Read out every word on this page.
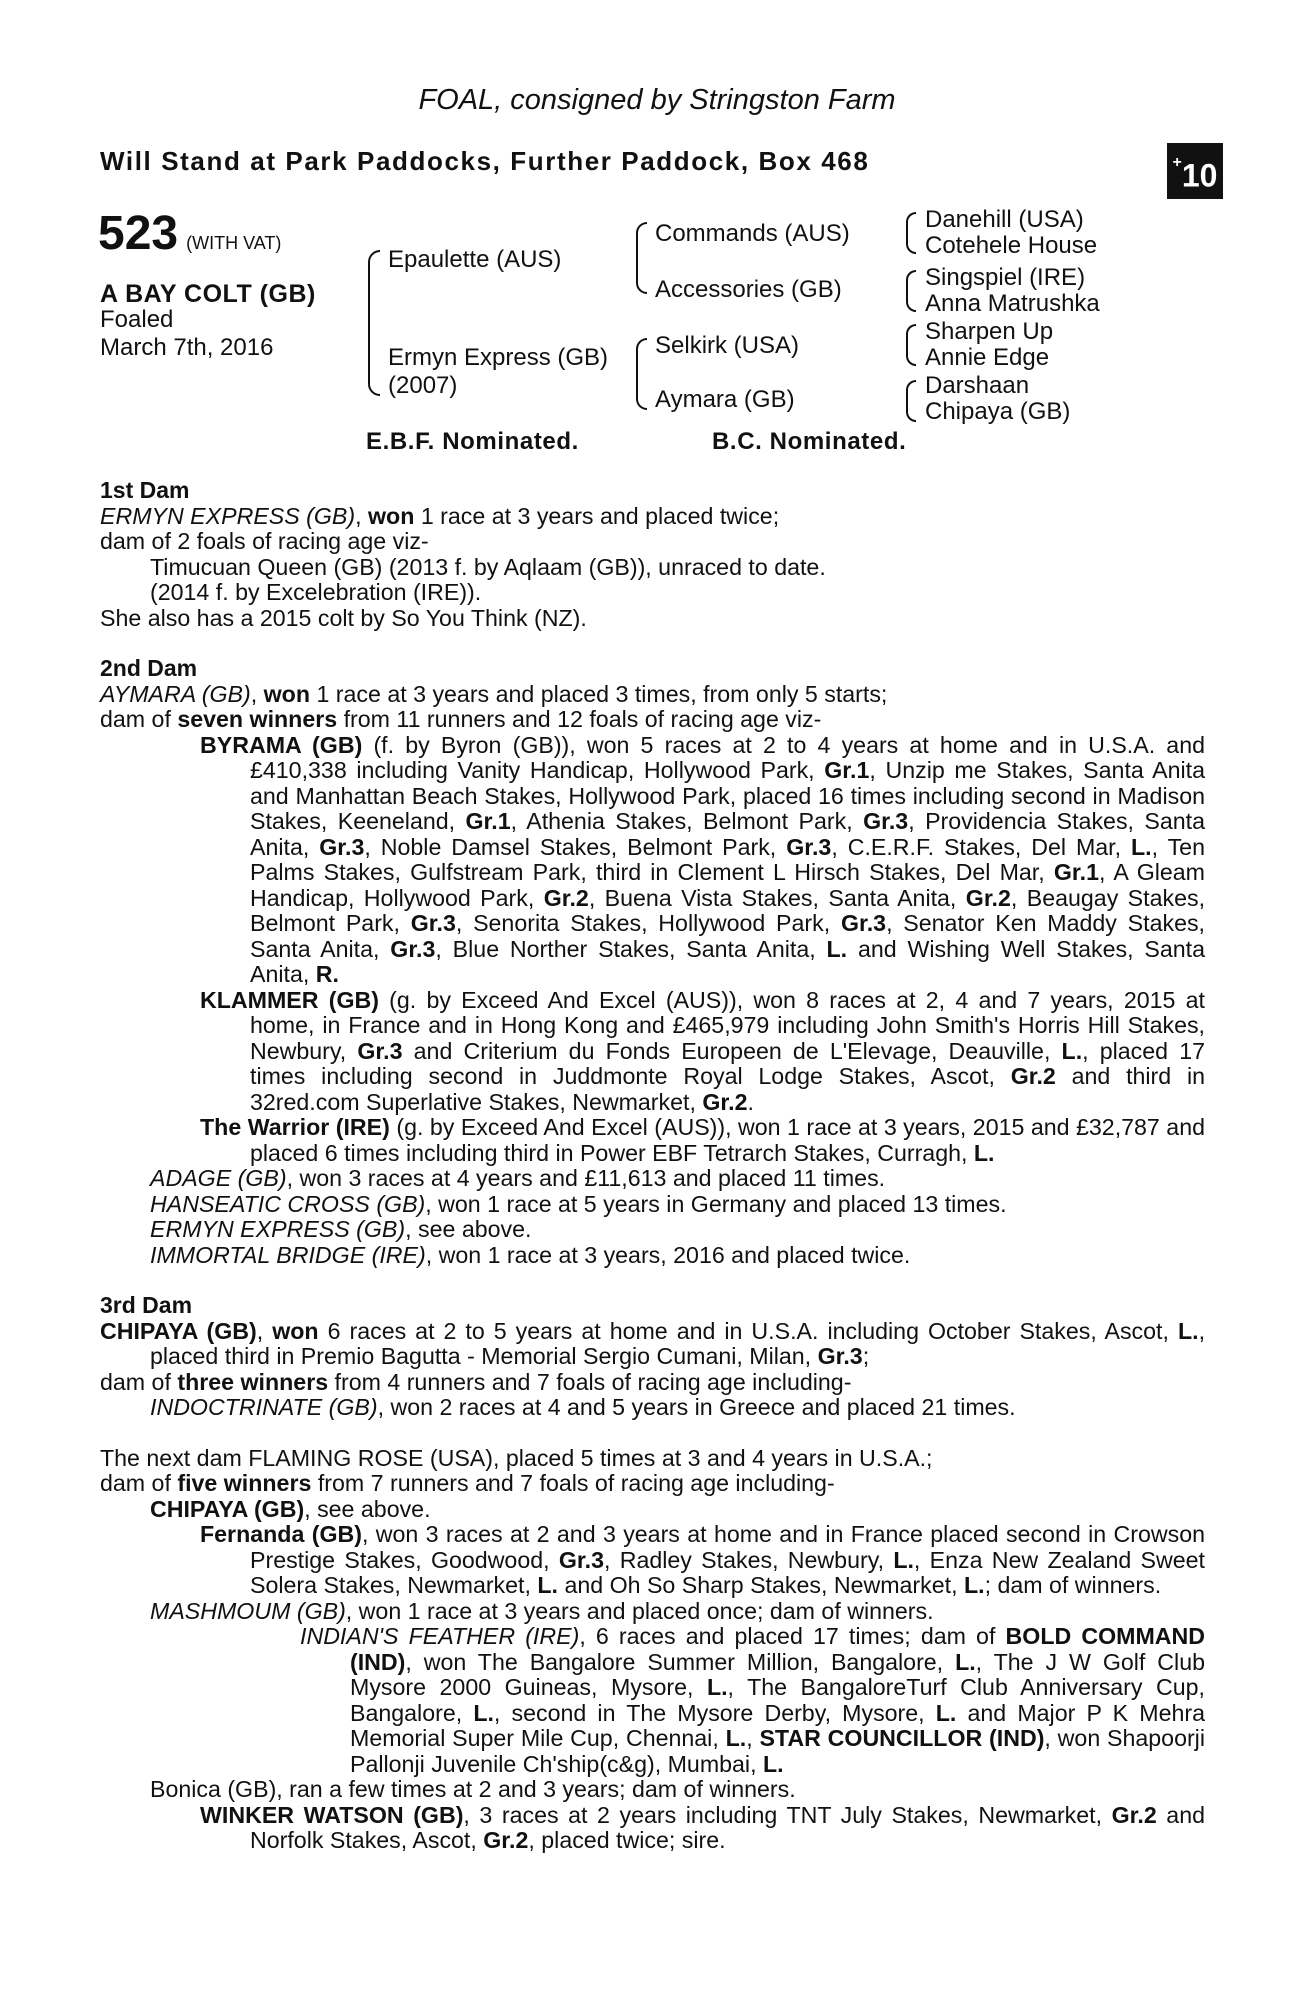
FOAL, consigned by Stringston Farm
Will Stand at Park Paddocks, Further Paddock, Box 468	+10
523 (WITH VAT)
A BAY COLT (GB)
Foaled
March 7th, 2016
Epaulette (AUS)
Ermyn Express (GB)
(2007)
Commands (AUS)
Accessories (GB)
Selkirk (USA)
Aymara (GB)
Danehill (USA)
Cotehele House
Singspiel (IRE)
Anna Matrushka
Sharpen Up
Annie Edge
Darshaan
Chipaya (GB)
E.B.F. Nominated.	B.C. Nominated.

1st Dam

ERMYN EXPRESS (GB), won 1 race at 3 years and placed twice;

dam of 2 foals of racing age viz-

Timucuan Queen (GB) (2013 f. by Aqlaam (GB)), unraced to date.

(2014 f. by Excelebration (IRE)).

She also has a 2015 colt by So You Think (NZ).

2nd Dam

AYMARA (GB), won 1 race at 3 years and placed 3 times, from only 5 starts;

dam of seven winners from 11 runners and 12 foals of racing age viz-

BYRAMA (GB) (f. by Byron (GB)), won 5 races at 2 to 4 years at home and in U.S.A. and £410,338 including Vanity Handicap, Hollywood Park, Gr.1, Unzip me Stakes, Santa Anita and Manhattan Beach Stakes, Hollywood Park, placed 16 times including second in Madison Stakes, Keeneland, Gr.1, Athenia Stakes, Belmont Park, Gr.3, Providencia Stakes, Santa Anita, Gr.3, Noble Damsel Stakes, Belmont Park, Gr.3, C.E.R.F. Stakes, Del Mar, L., Ten Palms Stakes, Gulfstream Park, third in Clement L Hirsch Stakes, Del Mar, Gr.1, A Gleam Handicap, Hollywood Park, Gr.2, Buena Vista Stakes, Santa Anita, Gr.2, Beaugay Stakes, Belmont Park, Gr.3, Senorita Stakes, Hollywood Park, Gr.3, Senator Ken Maddy Stakes, Santa Anita, Gr.3, Blue Norther Stakes, Santa Anita, L. and Wishing Well Stakes, Santa Anita, R.

KLAMMER (GB) (g. by Exceed And Excel (AUS)), won 8 races at 2, 4 and 7 years, 2015 at home, in France and in Hong Kong and £465,979 including John Smith's Horris Hill Stakes, Newbury, Gr.3 and Criterium du Fonds Europeen de L'Elevage, Deauville, L., placed 17 times including second in Juddmonte Royal Lodge Stakes, Ascot, Gr.2 and third in 32red.com Superlative Stakes, Newmarket, Gr.2.

The Warrior (IRE) (g. by Exceed And Excel (AUS)), won 1 race at 3 years, 2015 and £32,787 and placed 6 times including third in Power EBF Tetrarch Stakes, Curragh, L.

ADAGE (GB), won 3 races at 4 years and £11,613 and placed 11 times.

HANSEATIC CROSS (GB), won 1 race at 5 years in Germany and placed 13 times.

ERMYN EXPRESS (GB), see above.

IMMORTAL BRIDGE (IRE), won 1 race at 3 years, 2016 and placed twice.

3rd Dam

CHIPAYA (GB), won 6 races at 2 to 5 years at home and in U.S.A. including October Stakes, Ascot, L., placed third in Premio Bagutta - Memorial Sergio Cumani, Milan, Gr.3;

dam of three winners from 4 runners and 7 foals of racing age including-

INDOCTRINATE (GB), won 2 races at 4 and 5 years in Greece and placed 21 times.

The next dam FLAMING ROSE (USA), placed 5 times at 3 and 4 years in U.S.A.;

dam of five winners from 7 runners and 7 foals of racing age including-

CHIPAYA (GB), see above.

Fernanda (GB), won 3 races at 2 and 3 years at home and in France placed second in Crowson Prestige Stakes, Goodwood, Gr.3, Radley Stakes, Newbury, L., Enza New Zealand Sweet Solera Stakes, Newmarket, L. and Oh So Sharp Stakes, Newmarket, L.; dam of winners.

MASHMOUM (GB), won 1 race at 3 years and placed once; dam of winners.

INDIAN'S FEATHER (IRE), 6 races and placed 17 times; dam of BOLD COMMAND (IND), won The Bangalore Summer Million, Bangalore, L., The J W Golf Club Mysore 2000 Guineas, Mysore, L., The BangaloreTurf Club Anniversary Cup, Bangalore, L., second in The Mysore Derby, Mysore, L. and Major P K Mehra Memorial Super Mile Cup, Chennai, L., STAR COUNCILLOR (IND), won Shapoorji Pallonji Juvenile Ch'ship(c&g), Mumbai, L.

Bonica (GB), ran a few times at 2 and 3 years; dam of winners.

WINKER WATSON (GB), 3 races at 2 years including TNT July Stakes, Newmarket, Gr.2 and Norfolk Stakes, Ascot, Gr.2, placed twice; sire.
